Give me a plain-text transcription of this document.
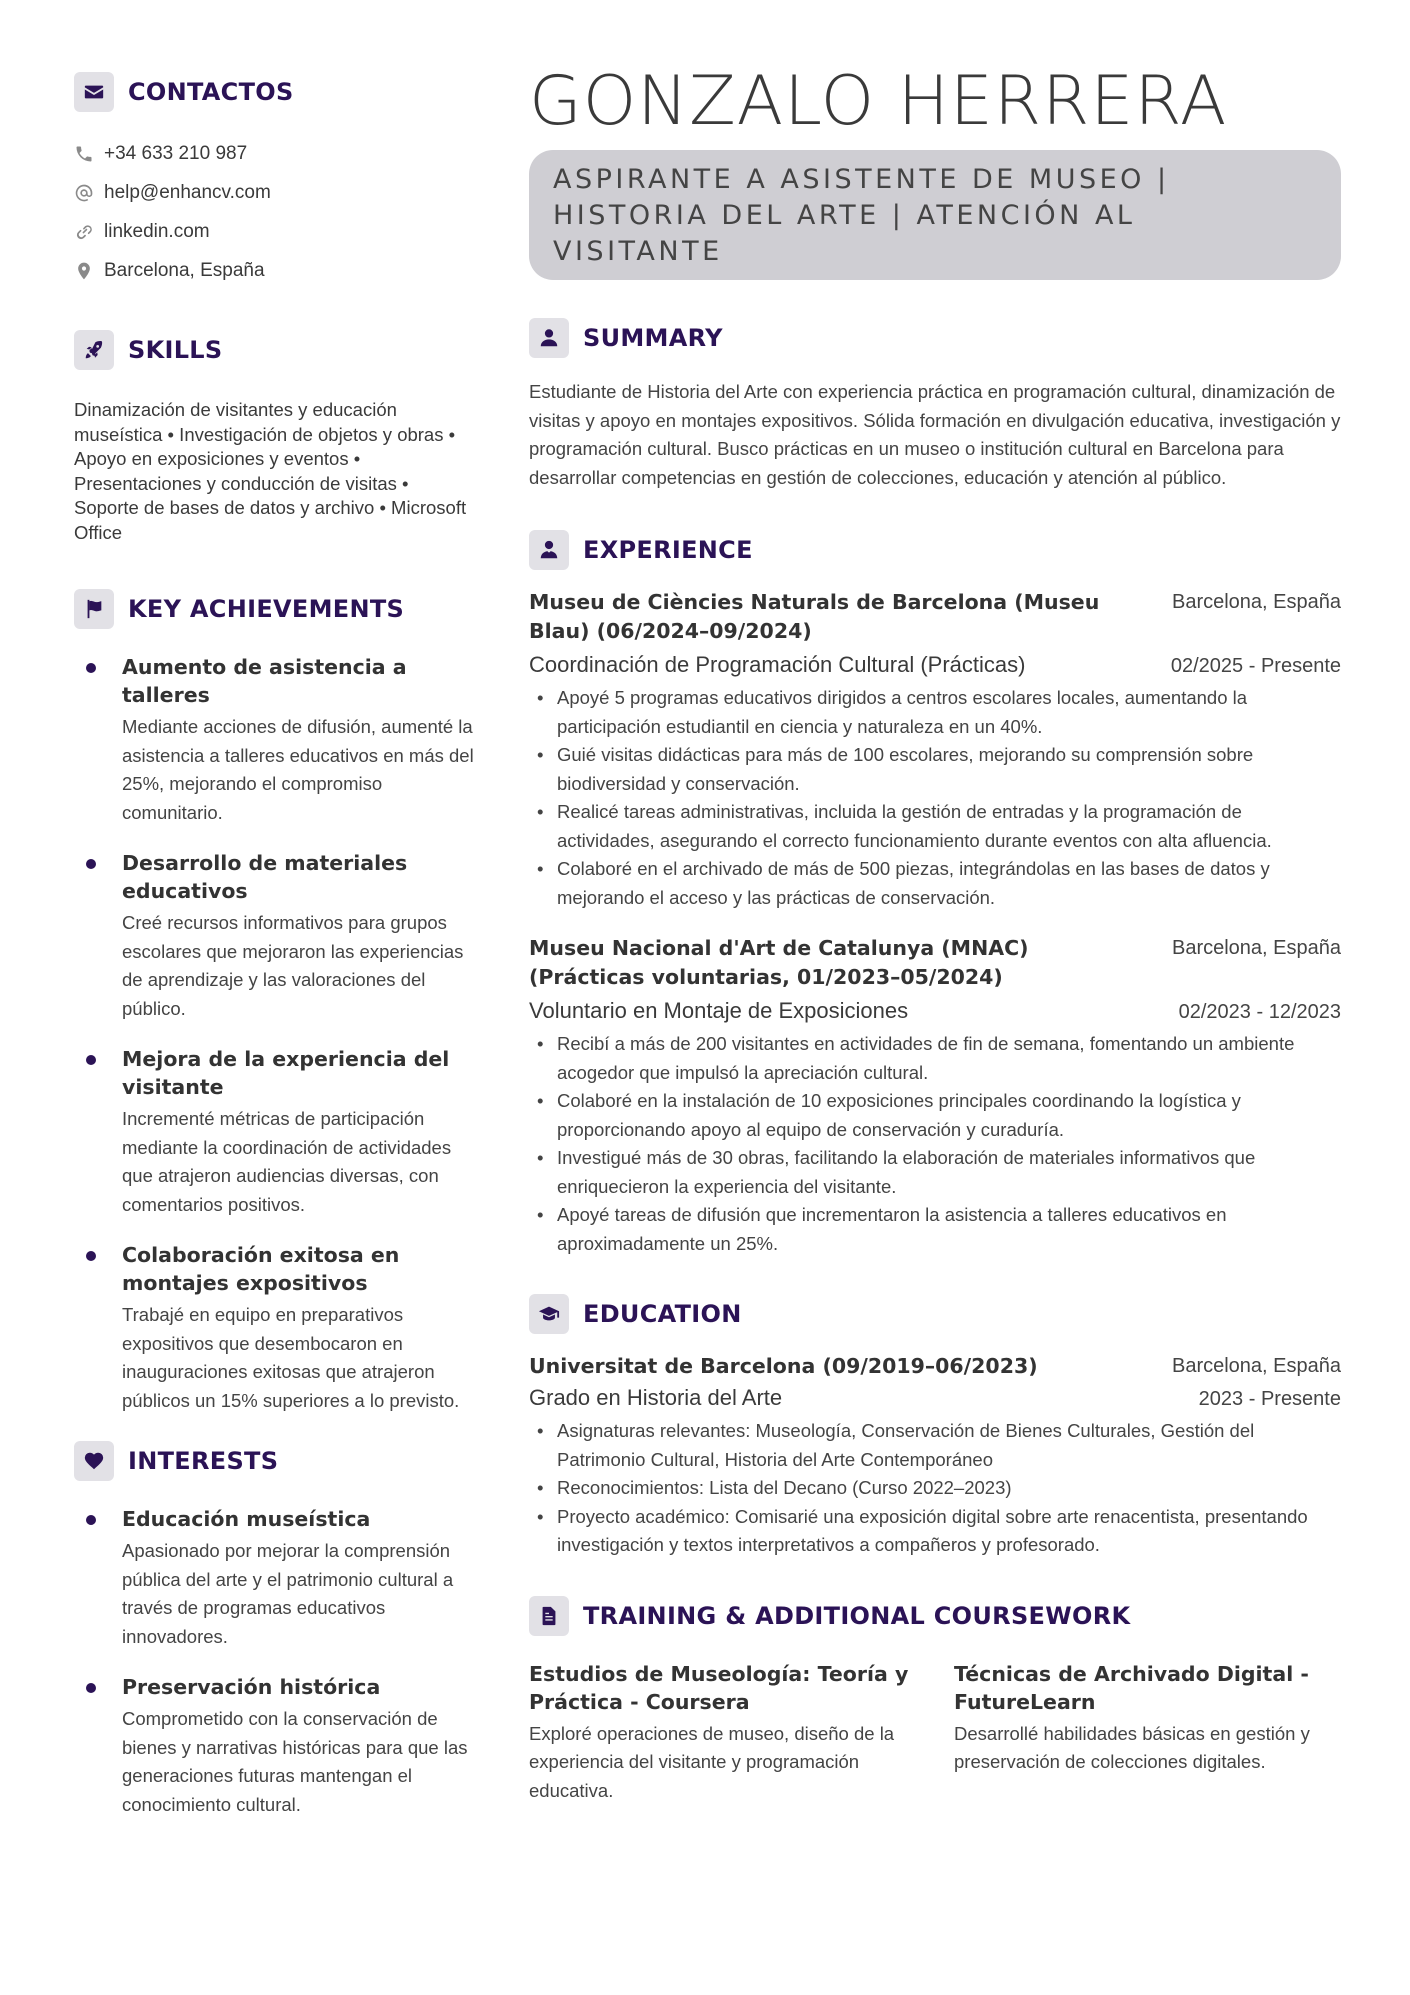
CONTACTOS
+34 633 210 987
help@enhancv.com
linkedin.com
Barcelona, España
SKILLS
Dinamización de visitantes y educación museística • Investigación de objetos y obras • Apoyo en exposiciones y eventos • Presentaciones y conducción de visitas • Soporte de bases de datos y archivo • Microsoft Office
KEY ACHIEVEMENTS
Aumento de asistencia a talleres
Mediante acciones de difusión, aumenté la asistencia a talleres educativos en más del 25%, mejorando el compromiso comunitario.
Desarrollo de materiales educativos
Creé recursos informativos para grupos escolares que mejoraron las experiencias de aprendizaje y las valoraciones del público.
Mejora de la experiencia del visitante
Incrementé métricas de participación mediante la coordinación de actividades que atrajeron audiencias diversas, con comentarios positivos.
Colaboración exitosa en montajes expositivos
Trabajé en equipo en preparativos expositivos que desembocaron en inauguraciones exitosas que atrajeron públicos un 15% superiores a lo previsto.
INTERESTS
Educación museística
Apasionado por mejorar la comprensión pública del arte y el patrimonio cultural a través de programas educativos innovadores.
Preservación histórica
Comprometido con la conservación de bienes y narrativas históricas para que las generaciones futuras mantengan el conocimiento cultural.
GONZALO HERRERA
ASPIRANTE A ASISTENTE DE MUSEO | HISTORIA DEL ARTE | ATENCIÓN AL VISITANTE
SUMMARY
Estudiante de Historia del Arte con experiencia práctica en programación cultural, dinamización de visitas y apoyo en montajes expositivos. Sólida formación en divulgación educativa, investigación y programación cultural. Busco prácticas en un museo o institución cultural en Barcelona para desarrollar competencias en gestión de colecciones, educación y atención al público.
EXPERIENCE
Museu de Ciències Naturals de Barcelona (Museu Blau) (06/2024–09/2024)
Barcelona, España
Coordinación de Programación Cultural (Prácticas)	02/2025 - Presente
• Apoyé 5 programas educativos dirigidos a centros escolares locales, aumentando la participación estudiantil en ciencia y naturaleza en un 40%.
• Guié visitas didácticas para más de 100 escolares, mejorando su comprensión sobre biodiversidad y conservación.
• Realicé tareas administrativas, incluida la gestión de entradas y la programación de actividades, asegurando el correcto funcionamiento durante eventos con alta afluencia.
• Colaboré en el archivado de más de 500 piezas, integrándolas en las bases de datos y mejorando el acceso y las prácticas de conservación.
Museu Nacional d'Art de Catalunya (MNAC) (Prácticas voluntarias, 01/2023–05/2024)
Barcelona, España
Voluntario en Montaje de Exposiciones	02/2023 - 12/2023
• Recibí a más de 200 visitantes en actividades de fin de semana, fomentando un ambiente acogedor que impulsó la apreciación cultural.
• Colaboré en la instalación de 10 exposiciones principales coordinando la logística y proporcionando apoyo al equipo de conservación y curaduría.
• Investigué más de 30 obras, facilitando la elaboración de materiales informativos que enriquecieron la experiencia del visitante.
• Apoyé tareas de difusión que incrementaron la asistencia a talleres educativos en aproximadamente un 25%.
EDUCATION
Universitat de Barcelona (09/2019–06/2023)	Barcelona, España
Grado en Historia del Arte	2023 - Presente
• Asignaturas relevantes: Museología, Conservación de Bienes Culturales, Gestión del Patrimonio Cultural, Historia del Arte Contemporáneo
• Reconocimientos: Lista del Decano (Curso 2022–2023)
• Proyecto académico: Comisarié una exposición digital sobre arte renacentista, presentando investigación y textos interpretativos a compañeros y profesorado.
TRAINING & ADDITIONAL COURSEWORK
Estudios de Museología: Teoría y Práctica - Coursera
Exploré operaciones de museo, diseño de la experiencia del visitante y programación educativa.
Técnicas de Archivado Digital - FutureLearn
Desarrollé habilidades básicas en gestión y preservación de colecciones digitales.
